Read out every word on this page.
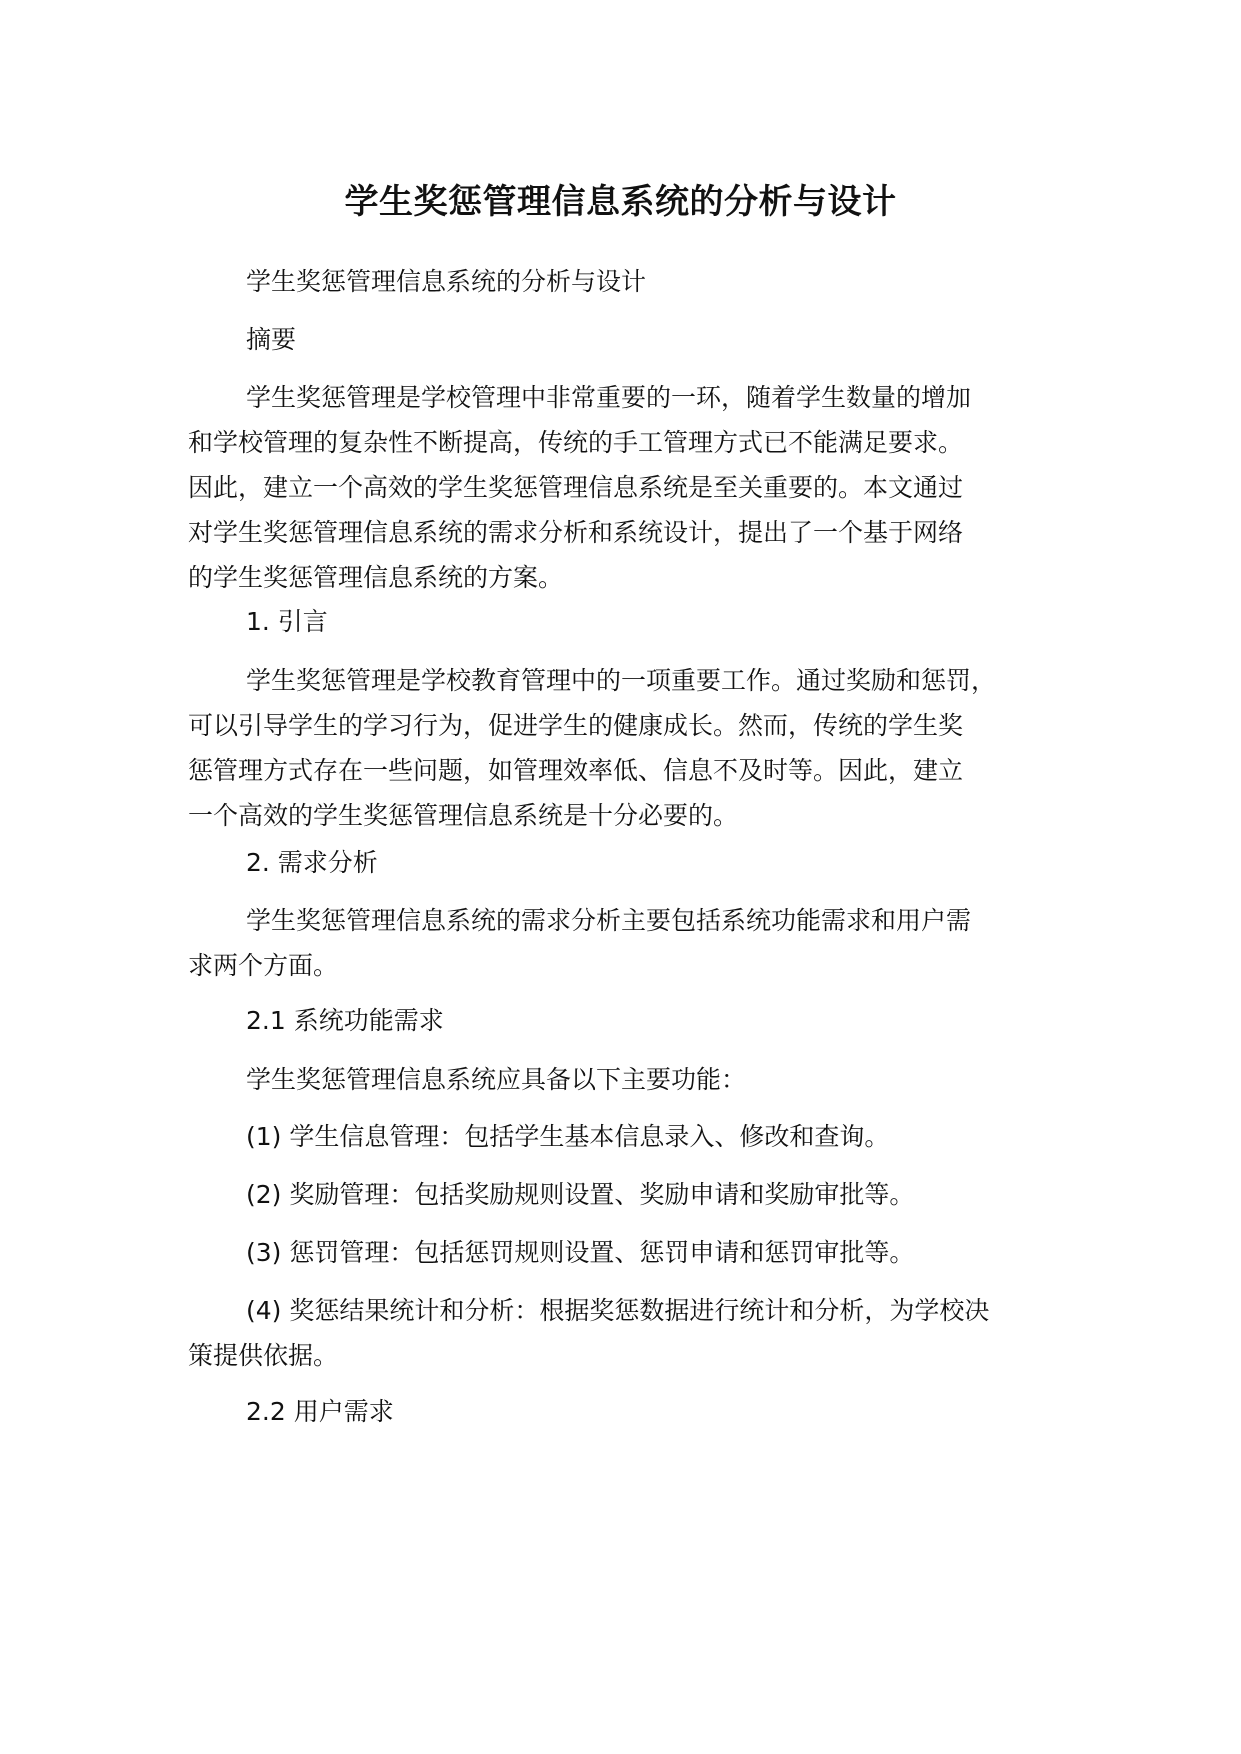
学生奖惩管理信息系统的分析与设计

学生奖惩管理信息系统的分析与设计

摘要

学生奖惩管理是学校管理中非常重要的一环，随着学生数量的增加
和学校管理的复杂性不断提高，传统的手工管理方式已不能满足要求。
因此，建立一个高效的学生奖惩管理信息系统是至关重要的。本文通过
对学生奖惩管理信息系统的需求分析和系统设计，提出了一个基于网络
的学生奖惩管理信息系统的方案。

1. 引言

学生奖惩管理是学校教育管理中的一项重要工作。通过奖励和惩罚，
可以引导学生的学习行为，促进学生的健康成长。然而，传统的学生奖
惩管理方式存在一些问题，如管理效率低、信息不及时等。因此，建立
一个高效的学生奖惩管理信息系统是十分必要的。

2. 需求分析

学生奖惩管理信息系统的需求分析主要包括系统功能需求和用户需
求两个方面。

2.1 系统功能需求

学生奖惩管理信息系统应具备以下主要功能：

(1) 学生信息管理：包括学生基本信息录入、修改和查询。

(2) 奖励管理：包括奖励规则设置、奖励申请和奖励审批等。

(3) 惩罚管理：包括惩罚规则设置、惩罚申请和惩罚审批等。

(4) 奖惩结果统计和分析：根据奖惩数据进行统计和分析，为学校决
策提供依据。

2.2 用户需求
